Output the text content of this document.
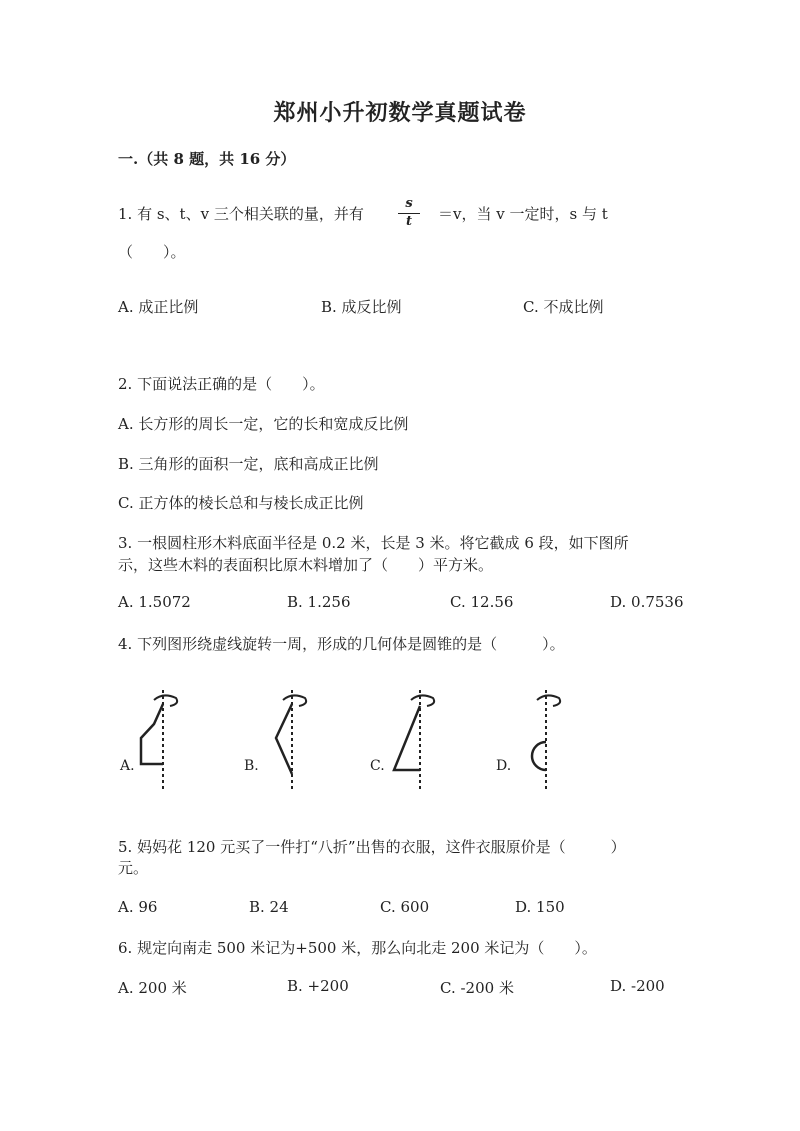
郑州小升初数学真题试卷
一.（共 8 题，共 16 分）
1. 有 s、t、v 三个相关联的量，并有	$\frac{s}{t} =v$，当 v 一定时，s 与 t
（　　）。
A. 成正比例	B. 成反比例	C. 不成比例
2. 下面说法正确的是（　　）。
A. 长方形的周长一定，它的长和宽成反比例
B. 三角形的面积一定，底和高成正比例
C. 正方体的棱长总和与棱长成正比例
3. 一根圆柱形木料底面半径是 0.2 米，长是 3 米。将它截成 6 段，如下图所
示，这些木料的表面积比原木料增加了（　　）平方米。
A. 1.5072	B. 1.256	C. 12.56	D. 0.7536
4. 下列图形绕虚线旋转一周，形成的几何体是圆锥的是（　　　）。
A.	B.	C.	D.
5. 妈妈花 120 元买了一件打“八折”出售的衣服，这件衣服原价是（　　　）
元。
A. 96	B. 24	C. 600	D. 150
6. 规定向南走 500 米记为+500 米，那么向北走 200 米记为（　　）。
A. 200 米	B. +200	C. -200 米	D. -200
